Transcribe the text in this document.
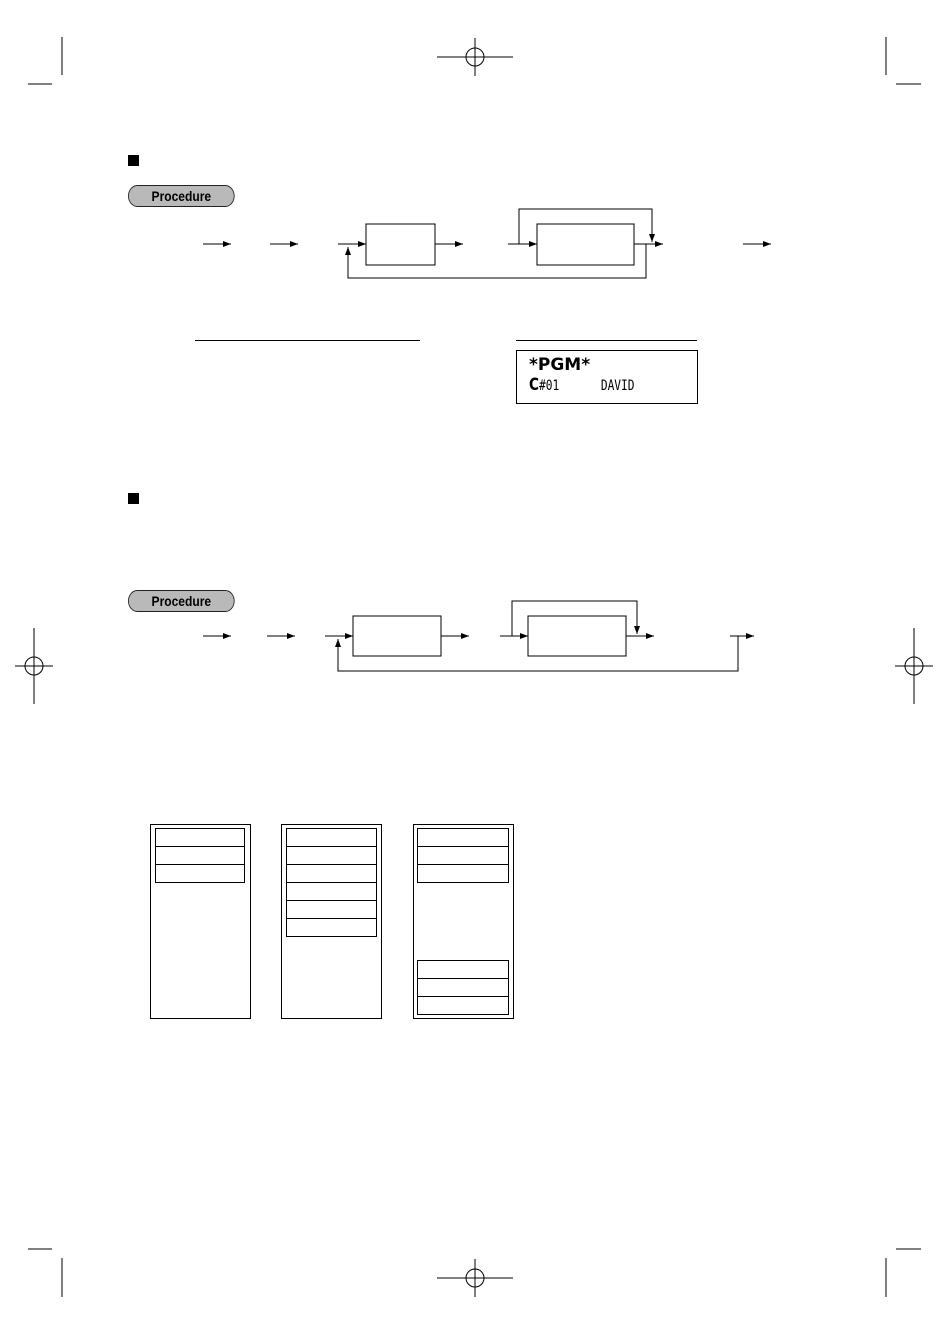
Procedure
*PGM*
C#01	DAVID
Procedure
